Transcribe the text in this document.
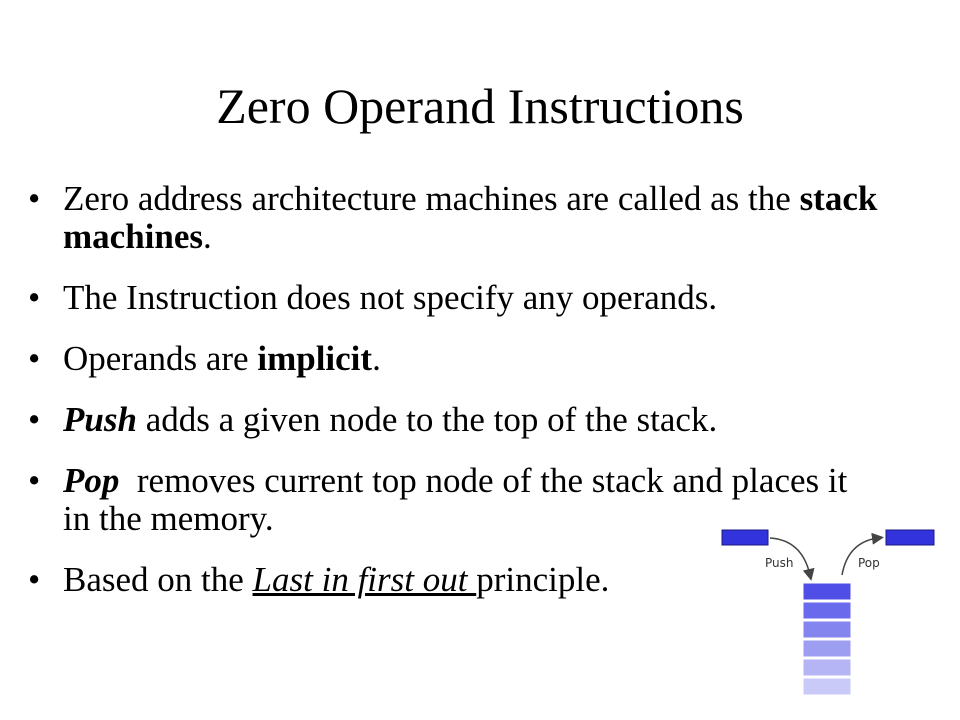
Zero Operand Instructions
• Zero address architecture machines are called as the stack machines.
• The Instruction does not specify any operands.
• Operands are implicit.
• Push adds a given node to the top of the stack.
• Pop  removes current top node of the stack and places it in the memory.
• Based on the Last in first out principle.	Push	Pop
